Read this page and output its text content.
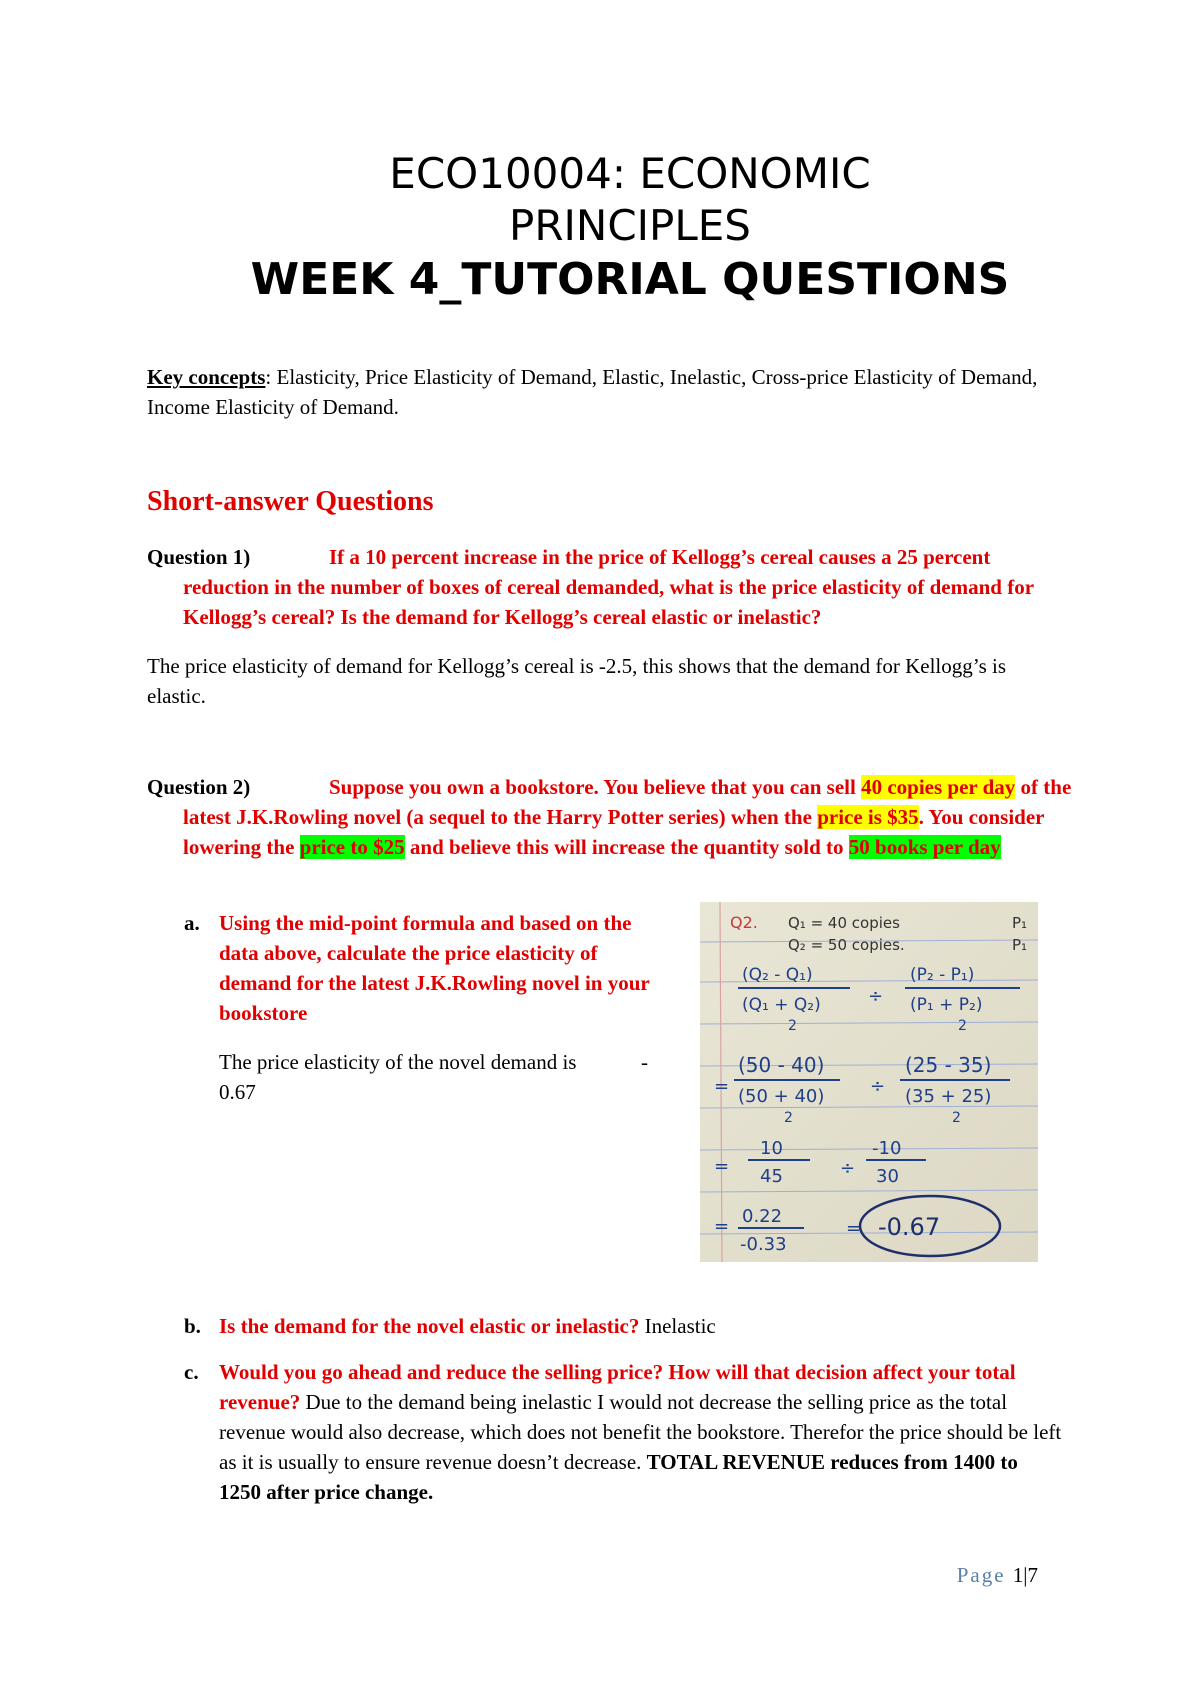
ECO10004: ECONOMIC
PRINCIPLES
WEEK 4_TUTORIAL QUESTIONS
Key concepts: Elasticity, Price Elasticity of Demand, Elastic, Inelastic, Cross-price Elasticity of Demand, Income Elasticity of Demand.
Short-answer Questions
Question 1)	If a 10 percent increase in the price of Kellogg’s cereal causes a 25 percent reduction in the number of boxes of cereal demanded, what is the price elasticity of demand for Kellogg’s cereal? Is the demand for Kellogg’s cereal elastic or inelastic?
The price elasticity of demand for Kellogg’s cereal is -2.5, this shows that the demand for Kellogg’s is elastic.
Question 2)	Suppose you own a bookstore. You believe that you can sell 40 copies per day of the latest J.K.Rowling novel (a sequel to the Harry Potter series) when the price is $35. You consider lowering the price to $25 and believe this will increase the quantity sold to 50 books per day
a. Using the mid-point formula and based on the data above, calculate the price elasticity of demand for the latest J.K.Rowling novel in your bookstore
The price elasticity of the novel demand is	-

0.67
Q2. Q₁ = 40 copies
Q₂ = 50 copies.
P₁
P₁
(Q₂ - Q₁)
(Q₁ + Q₂)
2
÷
(P₂ - P₁)
(P₁ + P₂)
2
=
(50 - 40)
(50 + 40)
2
÷
(25 - 35)
(35 + 25)
2
=
10
45	÷
-10
30
= 0.22
-0.33
= -0.67
b. Is the demand for the novel elastic or inelastic? Inelastic
c. Would you go ahead and reduce the selling price? How will that decision affect your total revenue? Due to the demand being inelastic I would not decrease the selling price as the total revenue would also decrease, which does not benefit the bookstore. Therefor the price should be left as it is usually to ensure revenue doesn’t decrease. TOTAL REVENUE reduces from 1400 to 1250 after price change.
Page 1|7
